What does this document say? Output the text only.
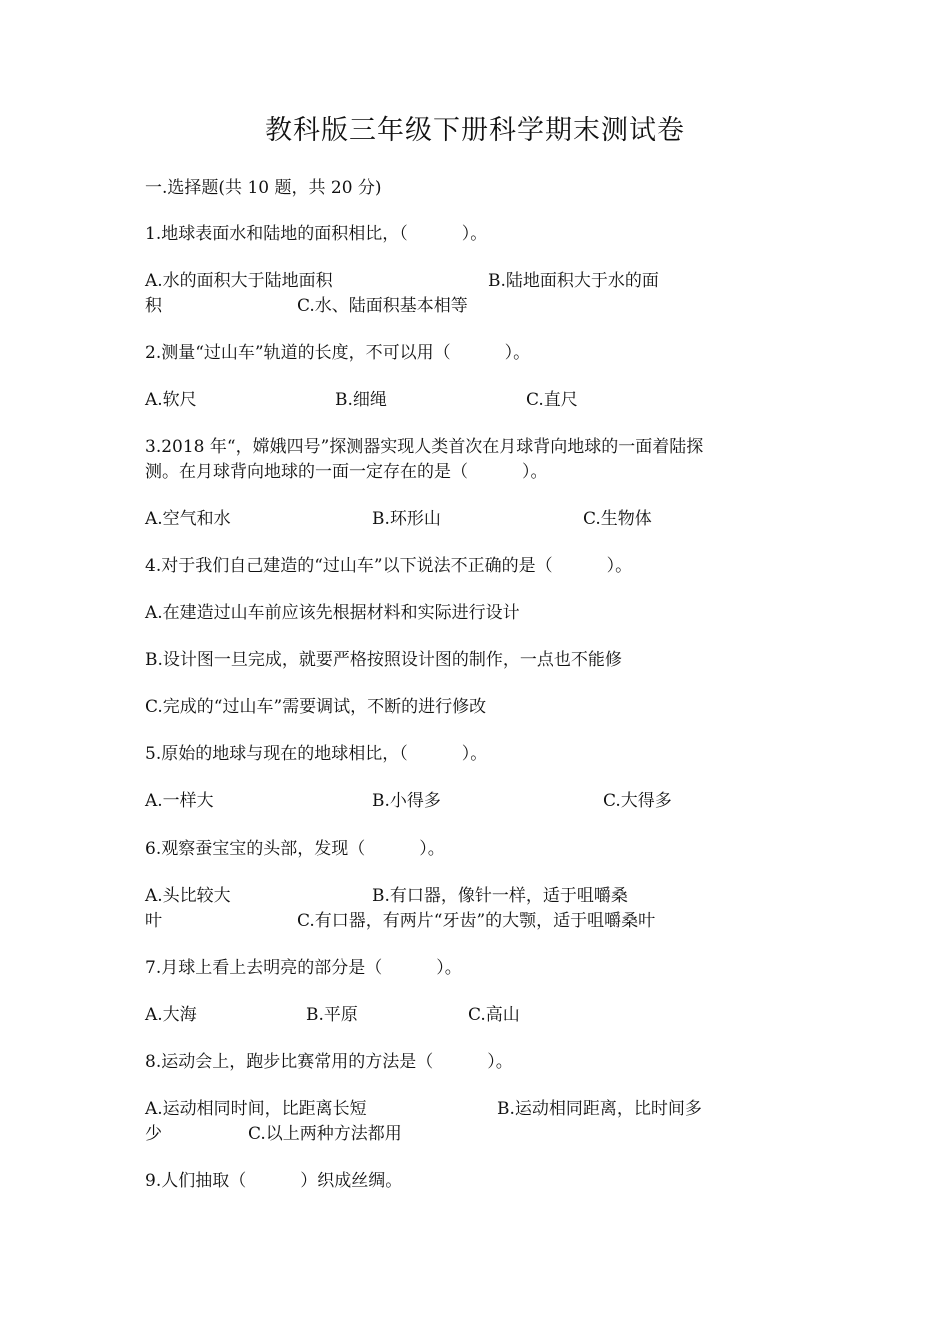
教科版三年级下册科学期末测试卷
一.选择题(共 10 题，共 20 分)
1.地球表面水和陆地的面积相比，（          ）。
A.水的面积大于陆地面积	B.陆地面积大于水的面
积	C.水、陆面积基本相等
2.测量“过山车”轨道的长度，不可以用（          ）。
A.软尺	B.细绳	C.直尺
3.2018 年“，嫦娥四号”探测器实现人类首次在月球背向地球的一面着陆探
测。在月球背向地球的一面一定存在的是（          ）。
A.空气和水	B.环形山	C.生物体
4.对于我们自己建造的“过山车”以下说法不正确的是（          ）。
A.在建造过山车前应该先根据材料和实际进行设计
B.设计图一旦完成，就要严格按照设计图的制作，一点也不能修
C.完成的“过山车”需要调试，不断的进行修改
5.原始的地球与现在的地球相比，（          ）。
A.一样大	B.小得多	C.大得多
6.观察蚕宝宝的头部，发现（          ）。
A.头比较大	B.有口器，像针一样，适于咀嚼桑
叶	C.有口器，有两片“牙齿”的大颚，适于咀嚼桑叶
7.月球上看上去明亮的部分是（          ）。
A.大海	B.平原	C.高山
8.运动会上，跑步比赛常用的方法是（          ）。
A.运动相同时间，比距离长短	B.运动相同距离，比时间多
少	C.以上两种方法都用
9.人们抽取（          ）织成丝绸。
